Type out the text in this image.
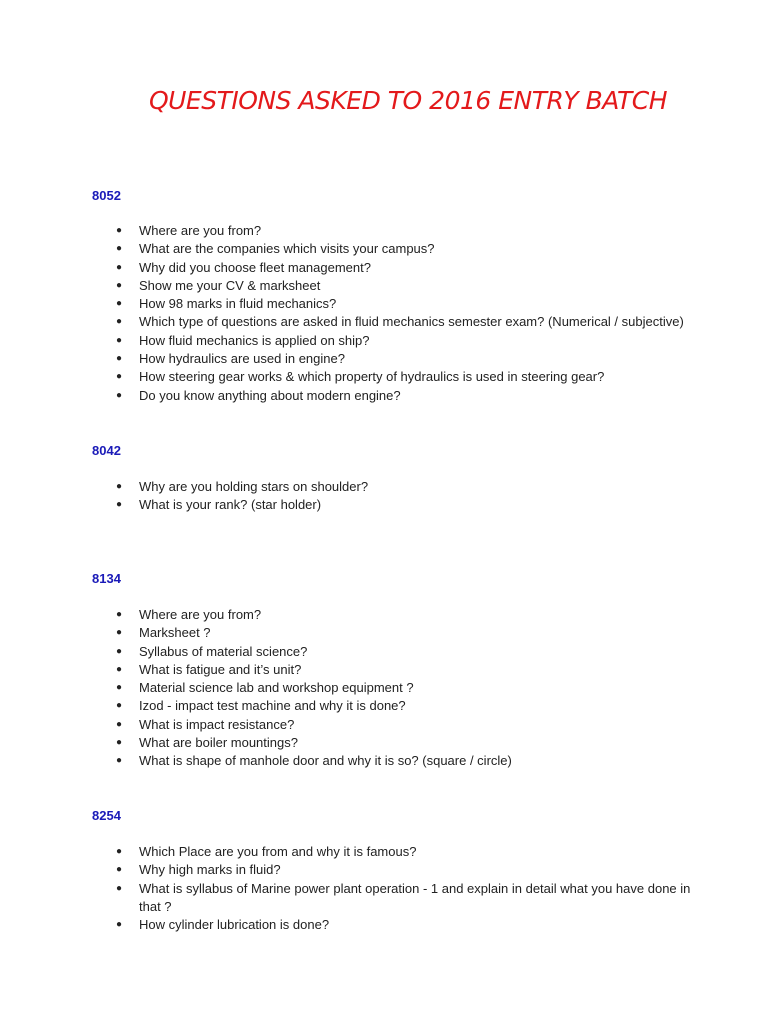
QUESTIONS ASKED TO 2016 ENTRY BATCH

8052

● Where are you from?
● What are the companies which visits your campus?
● Why did you choose fleet management?
● Show me your CV & marksheet
● How 98 marks in fluid mechanics?
● Which type of questions are asked in fluid mechanics semester exam? (Numerical / subjective)
● How fluid mechanics is applied on ship?
● How hydraulics are used in engine?
● How steering gear works & which property of hydraulics is used in steering gear?
● Do you know anything about modern engine?

8042

● Why are you holding stars on shoulder?
● What is your rank? (star holder)

8134

● Where are you from?
● Marksheet ?
● Syllabus of material science?
● What is fatigue and it’s unit?
● Material science lab and workshop equipment ?
● Izod - impact test machine and why it is done?
● What is impact resistance?
● What are boiler mountings?
● What is shape of manhole door and why it is so? (square / circle)

8254

● Which Place are you from and why it is famous?
● Why high marks in fluid?
● What is syllabus of Marine power plant operation - 1 and explain in detail what you have done in that ?
● How cylinder lubrication is done?
